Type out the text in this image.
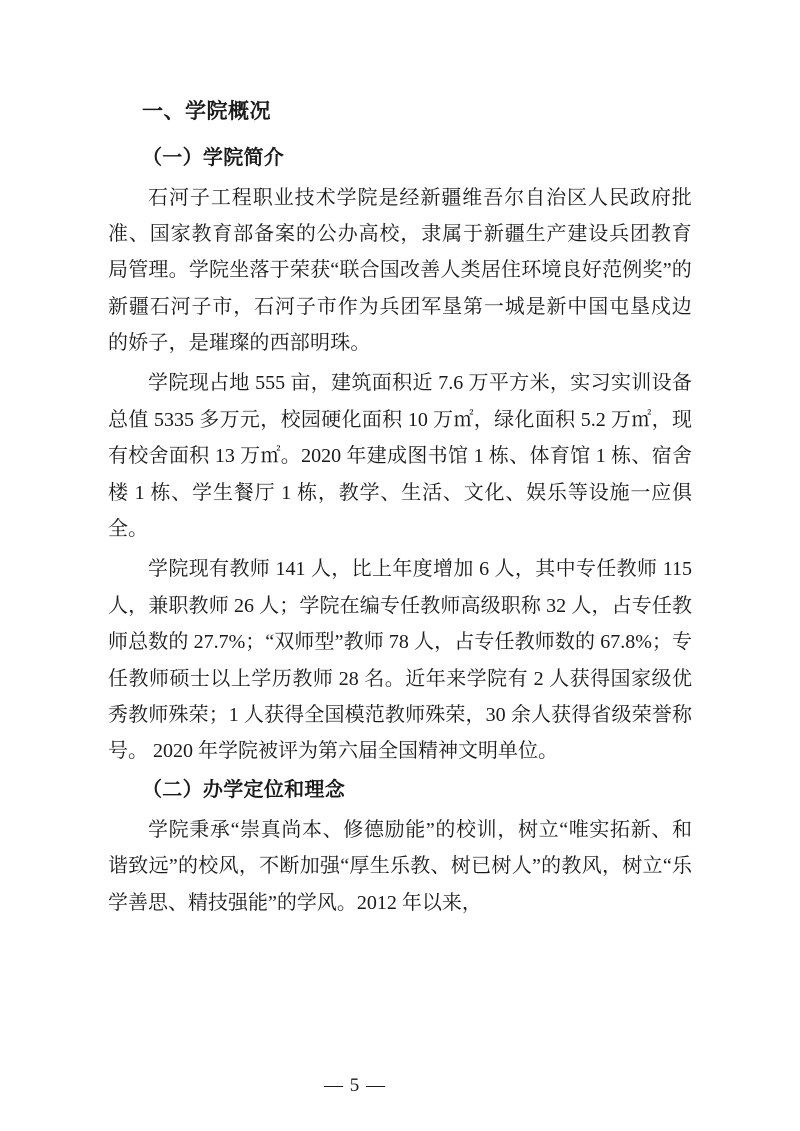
一、学院概况
（一）学院简介

石河子工程职业技术学院是经新疆维吾尔自治区人民政府批准、国家教育部备案的公办高校，隶属于新疆生产建设兵团教育局管理。学院坐落于荣获“联合国改善人类居住环境良好范例奖”的新疆石河子市，石河子市作为兵团军垦第一城是新中国屯垦戍边的娇子，是璀璨的西部明珠。

学院现占地 555 亩，建筑面积近 7.6 万平方米，实习实训设备总值 5335 多万元，校园硬化面积 10 万㎡，绿化面积 5.2 万㎡，现有校舍面积 13 万㎡。2020 年建成图书馆 1 栋、体育馆 1 栋、宿舍楼 1 栋、学生餐厅 1 栋，教学、生活、文化、娱乐等设施一应俱全。

学院现有教师 141 人，比上年度增加 6 人，其中专任教师 115 人，兼职教师 26 人；学院在编专任教师高级职称 32 人，占专任教师总数的 27.7%；“双师型”教师 78 人，占专任教师数的 67.8%；专任教师硕士以上学历教师 28 名。近年来学院有 2 人获得国家级优秀教师殊荣；1 人获得全国模范教师殊荣，30 余人获得省级荣誉称号。 2020 年学院被评为第六届全国精神文明单位。

（二）办学定位和理念

学院秉承“崇真尚本、修德励能”的校训，树立“唯实拓新、和谐致远”的校风，不断加强“厚生乐教、树已树人”的教风，树立“乐学善思、精技强能”的学风。2012 年以来，

— 5 —
